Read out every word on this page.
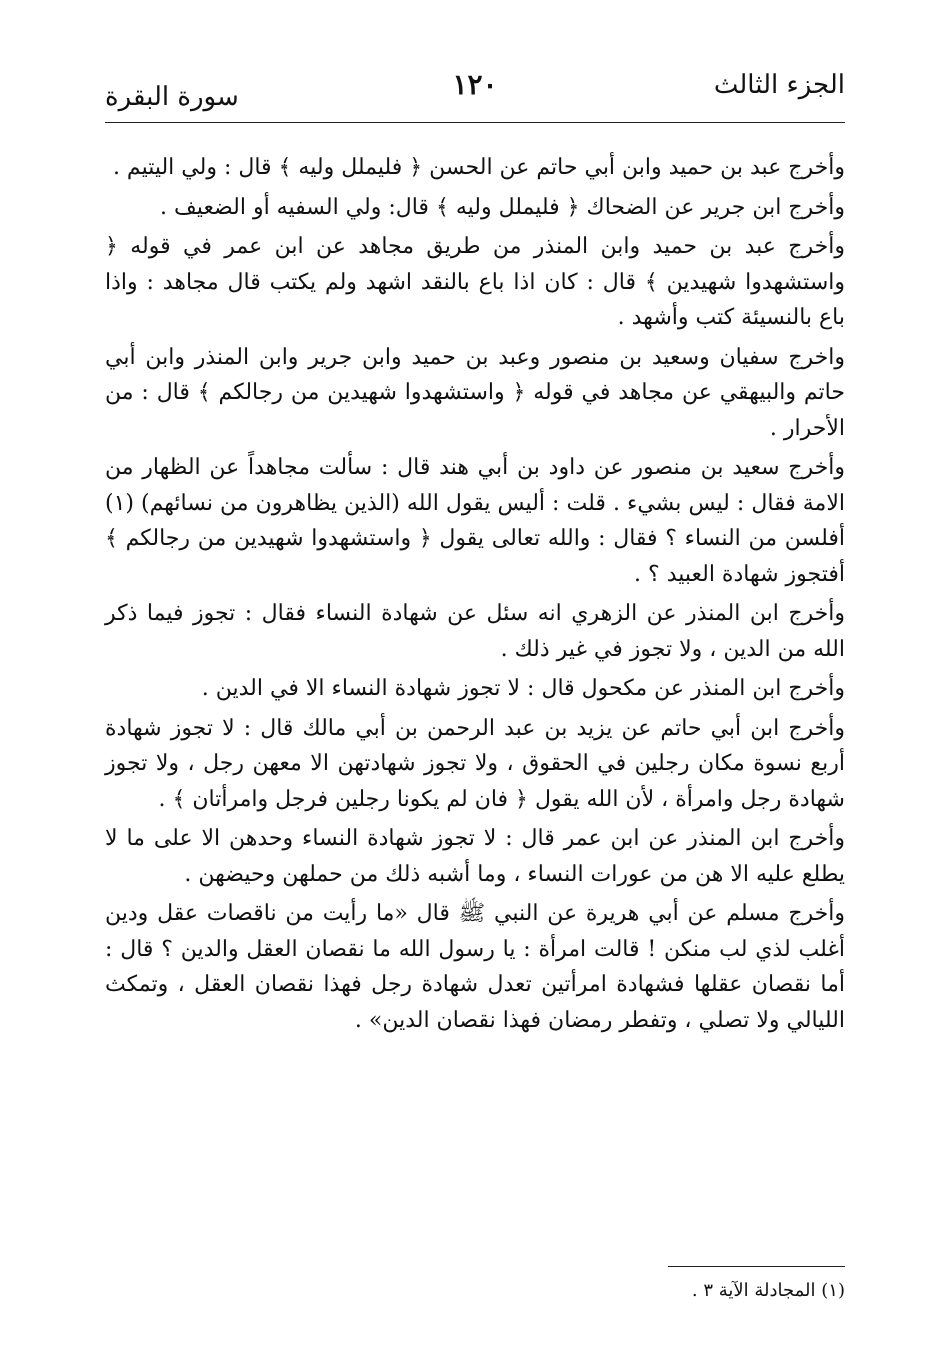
الجزء الثالث
١٢٠
سورة البقرة

وأخرج عبد بن حميد وابن أبي حاتم عن الحسن ﴿ فليملل وليه ﴾ قال : ولي اليتيم .

وأخرج ابن جرير عن الضحاك ﴿ فليملل وليه ﴾ قال: ولي السفيه أو الضعيف .

وأخرج عبد بن حميد وابن المنذر من طريق مجاهد عن ابن عمر في قوله ﴿ واستشهدوا شهيدين ﴾ قال : كان اذا باع بالنقد اشهد ولم يكتب قال مجاهد : واذا باع بالنسيئة كتب وأشهد .

واخرج سفيان وسعيد بن منصور وعبد بن حميد وابن جرير وابن المنذر وابن أبي حاتم والبيهقي عن مجاهد في قوله ﴿ واستشهدوا شهيدين من رجالكم ﴾ قال : من الأحرار .

وأخرج سعيد بن منصور عن داود بن أبي هند قال : سألت مجاهداً عن الظهار من الامة فقال : ليس بشيء . قلت : أليس يقول الله (الذين يظاهرون من نسائهم) (١) أفلسن من النساء ؟ فقال : والله تعالى يقول ﴿ واستشهدوا شهيدين من رجالكم ﴾ أفتجوز شهادة العبيد ؟ .

وأخرج ابن المنذر عن الزهري انه سئل عن شهادة النساء فقال : تجوز فيما ذكر الله من الدين ، ولا تجوز في غير ذلك .

وأخرج ابن المنذر عن مكحول قال : لا تجوز شهادة النساء الا في الدين .

وأخرج ابن أبي حاتم عن يزيد بن عبد الرحمن بن أبي مالك قال : لا تجوز شهادة أربع نسوة مكان رجلين في الحقوق ، ولا تجوز شهادتهن الا معهن رجل ، ولا تجوز شهادة رجل وامرأة ، لأن الله يقول ﴿ فان لم يكونا رجلين فرجل وامرأتان ﴾ .

وأخرج ابن المنذر عن ابن عمر قال : لا تجوز شهادة النساء وحدهن الا على ما لا يطلع عليه الا هن من عورات النساء ، وما أشبه ذلك من حملهن وحيضهن .

وأخرج مسلم عن أبي هريرة عن النبي ﷺ قال «ما رأيت من ناقصات عقل ودين أغلب لذي لب منكن ! قالت امرأة : يا رسول الله ما نقصان العقل والدين ؟ قال : أما نقصان عقلها فشهادة امرأتين تعدل شهادة رجل فهذا نقصان العقل ، وتمكث الليالي ولا تصلي ، وتفطر رمضان فهذا نقصان الدين» .

(١) المجادلة الآية ٣ .
